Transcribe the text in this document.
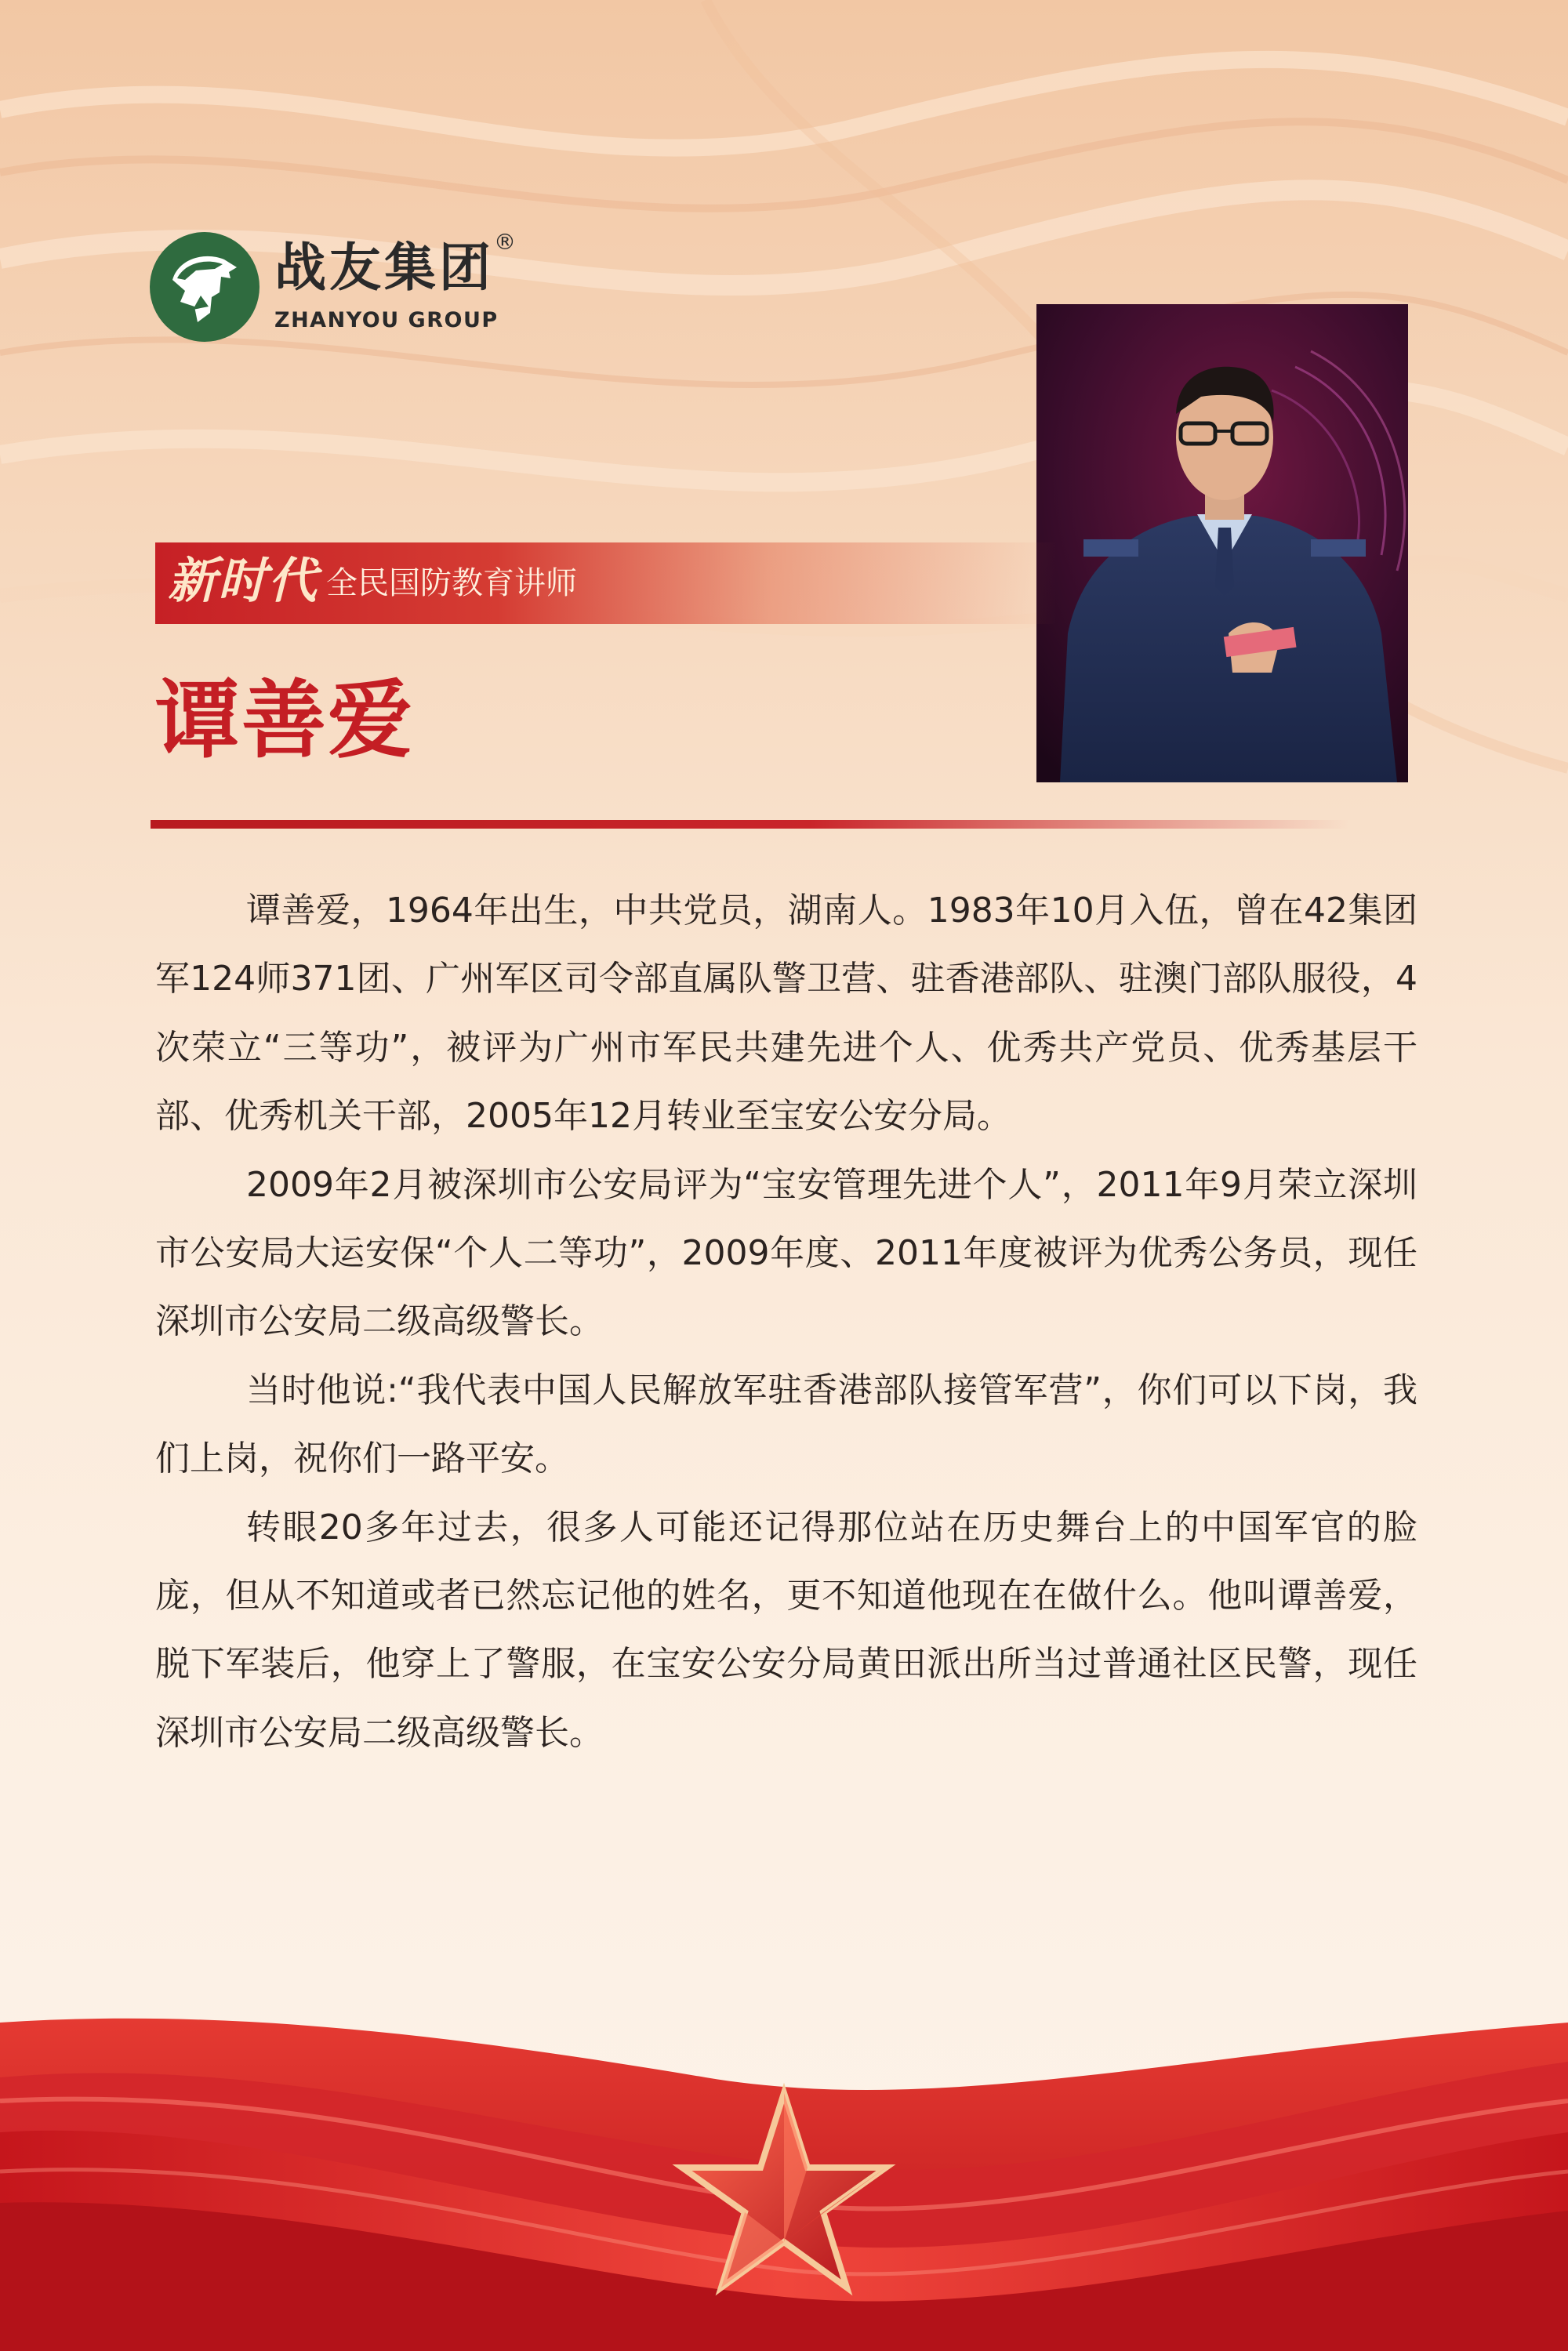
战友集团 ®
ZHANYOU GROUP
新时代 全民国防教育讲师
谭善爱

谭善爱，1964年出生，中共党员，湖南人。1983年10月入伍，曾在42集团军124师371团、广州军区司令部直属队警卫营、驻香港部队、驻澳门部队服役，4次荣立“三等功”，被评为广州市军民共建先进个人、优秀共产党员、优秀基层干部、优秀机关干部，2005年12月转业至宝安公安分局。

2009年2月被深圳市公安局评为“宝安管理先进个人”，2011年9月荣立深圳市公安局大运安保“个人二等功”，2009年度、2011年度被评为优秀公务员，现任深圳市公安局二级高级警长。

当时他说:“我代表中国人民解放军驻香港部队接管军营”，你们可以下岗，我们上岗，祝你们一路平安。

转眼20多年过去，很多人可能还记得那位站在历史舞台上的中国军官的脸庞，但从不知道或者已然忘记他的姓名，更不知道他现在在做什么。他叫谭善爱，脱下军装后，他穿上了警服，在宝安公安分局黄田派出所当过普通社区民警，现任深圳市公安局二级高级警长。
